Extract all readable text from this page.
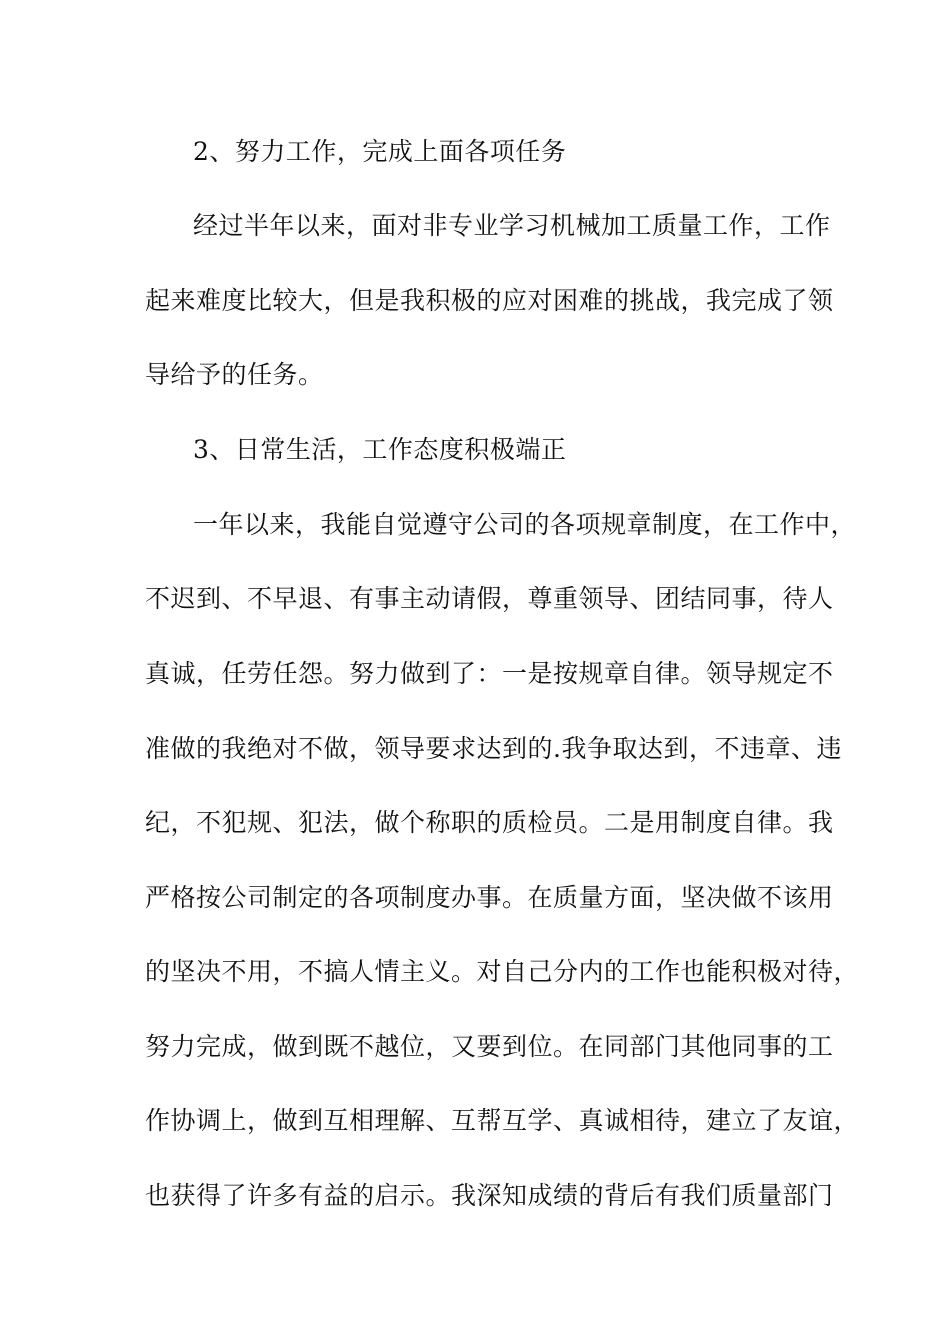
2、努力工作，完成上面各项任务
经过半年以来，面对非专业学习机械加工质量工作，工作
起来难度比较大，但是我积极的应对困难的挑战，我完成了领
导给予的任务。
3、日常生活，工作态度积极端正
一年以来，我能自觉遵守公司的各项规章制度，在工作中，
不迟到、不早退、有事主动请假，尊重领导、团结同事，待人
真诚，任劳任怨。努力做到了：一是按规章自律。领导规定不
准做的我绝对不做，领导要求达到的.我争取达到，不违章、违
纪，不犯规、犯法，做个称职的质检员。二是用制度自律。我
严格按公司制定的各项制度办事。在质量方面，坚决做不该用
的坚决不用，不搞人情主义。对自己分内的工作也能积极对待，
努力完成，做到既不越位，又要到位。在同部门其他同事的工
作协调上，做到互相理解、互帮互学、真诚相待，建立了友谊，
也获得了许多有益的启示。我深知成绩的背后有我们质量部门
